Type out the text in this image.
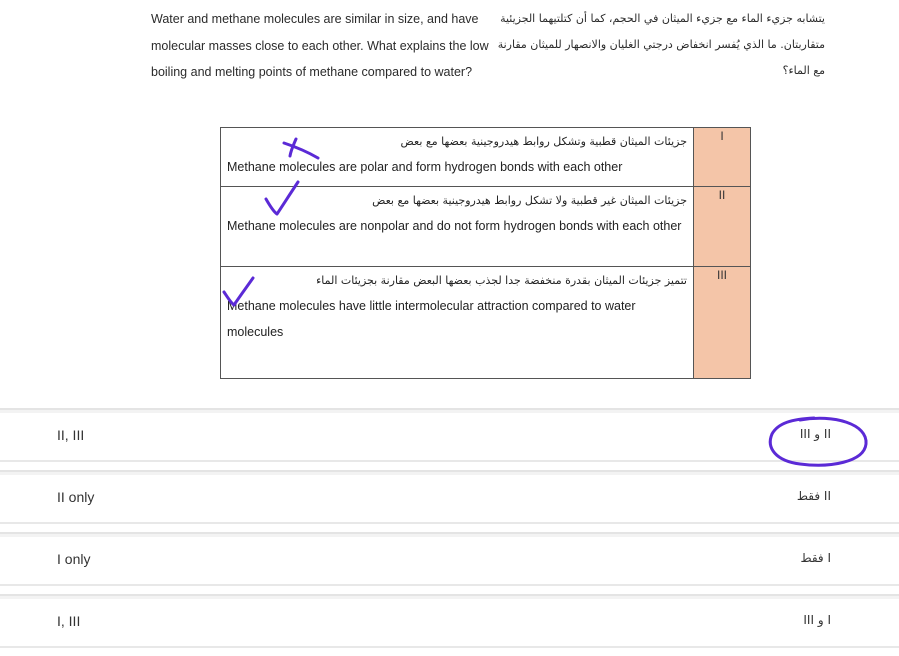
Water and methane molecules are similar in size, and have molecular masses close to each other. What explains the low boiling and melting points of methane compared to water?
يتشابه جزيء الماء مع جزيء الميثان في الحجم، كما أن كتلتيهما الجزيئية متقاربتان. ما الذي يُفسر انخفاض درجتي الغليان والانصهار للميثان مقارنة مع الماء؟
جزيئات الميثان قطبية وتشكل روابط هيدروجينية بعضها مع بعض
Methane molecules are polar and form hydrogen bonds with each other	I

جزيئات الميثان غير قطبية ولا تشكل روابط هيدروجينية بعضها مع بعض
Methane molecules are nonpolar and do not form hydrogen bonds with each other	II

تتميز جزيئات الميثان بقدرة منخفضة جدا لجذب بعضها البعض مقارنة بجزيئات الماء
Methane molecules have little intermolecular attraction compared to water molecules	III
II, III	II و III
II only	II فقط
I only	I فقط
I, III	I و III
